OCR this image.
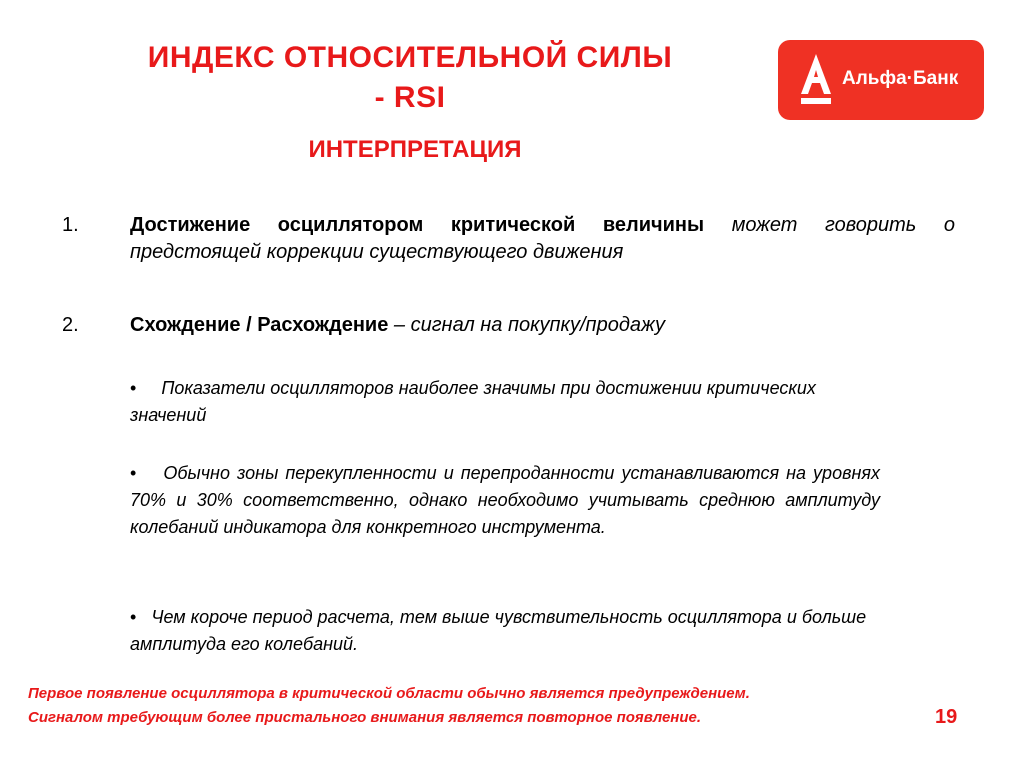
ИНДЕКС ОТНОСИТЕЛЬНОЙ СИЛЫ
- RSI
ИНТЕРПРЕТАЦИЯ
Альфа·Банк
1.	Достижение осциллятором критической величины может говорить о предстоящей коррекции существующего движения
2.	Схождение / Расхождение – сигнал на покупку/продажу
• Показатели осцилляторов наиболее значимы при достижении критических значений
• Обычно зоны перекупленности и перепроданности устанавливаются на уровнях 70% и 30% соответственно, однако необходимо учитывать среднюю амплитуду колебаний индикатора для конкретного инструмента.
• Чем короче период расчета, тем выше чувствительность осциллятора и больше амплитуда его колебаний.
Первое появление осциллятора в критической области обычно является предупреждением.
Сигналом требующим более пристального внимания является повторное появление.	19
